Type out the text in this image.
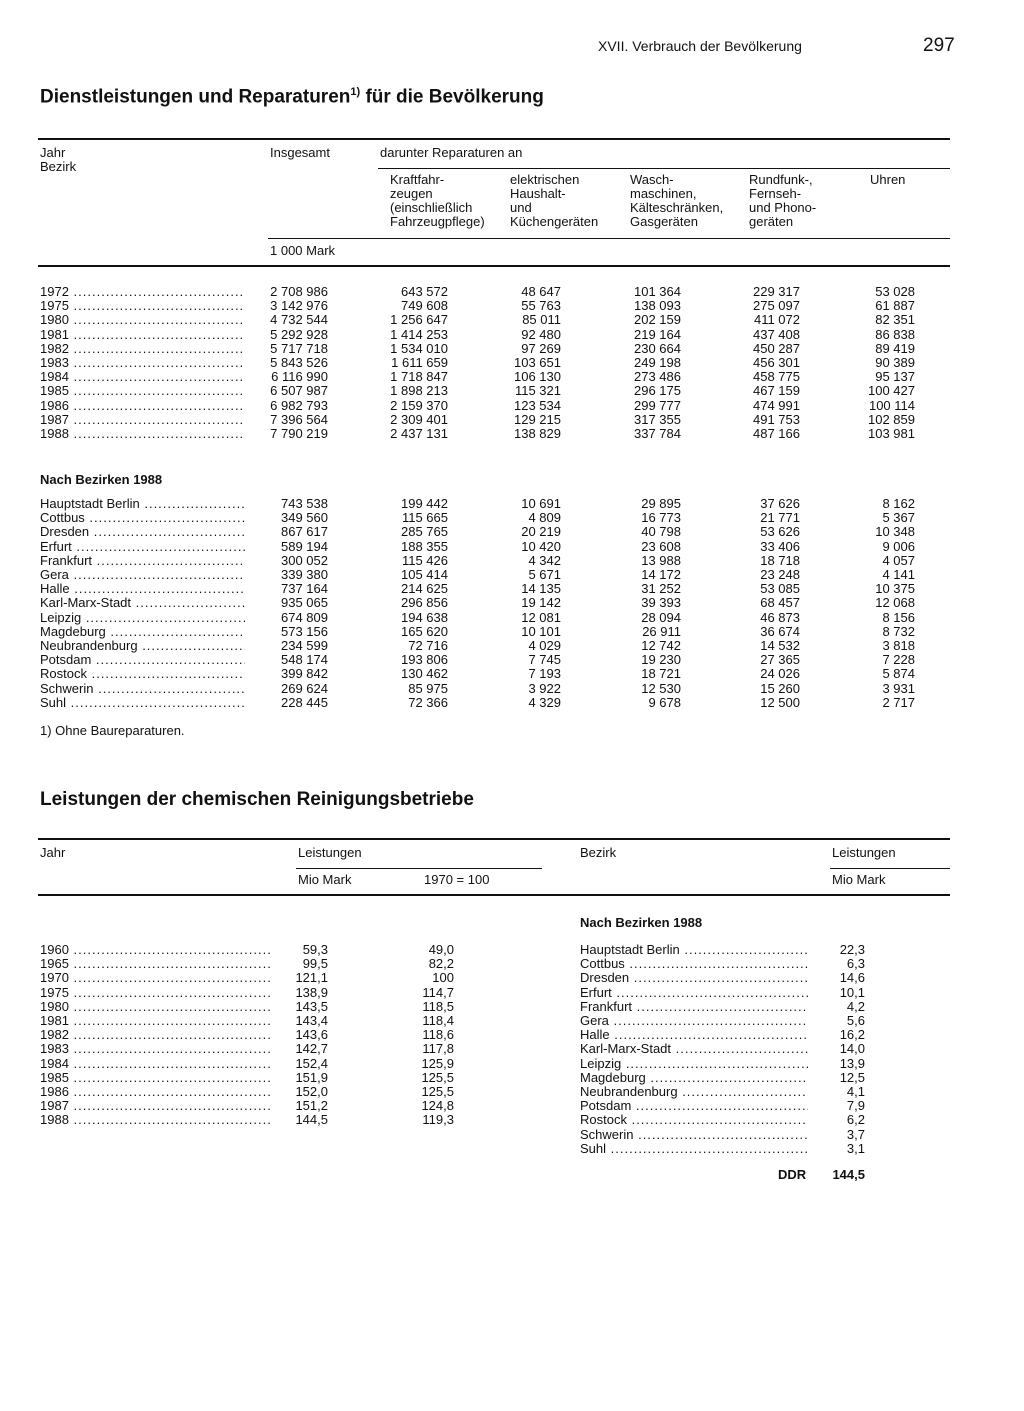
XVII. Verbrauch der Bevölkerung	297
Dienstleistungen und Reparaturen$^{1)}$ für die Bevölkerung
Jahr
Bezirk
Insgesamt	darunter Reparaturen an
Kraftfahr-
zeugen
(einschließlich
Fahrzeugpflege)
elektrischen
Haushalt-
und
Küchengeräten
Wasch-
maschinen,
Kälteschränken,
Gasgeräten
Rundfunk-,
Fernseh-
und Phono-
geräten
Uhren
1 000 Mark
1972 .....	2 708 986	643 572	48 647	101 364	229 317	53 028
1975 .....	3 142 976	749 608	55 763	138 093	275 097	61 887
1980 .....	4 732 544	1 256 647	85 011	202 159	411 072	82 351
1981 .....	5 292 928	1 414 253	92 480	219 164	437 408	86 838
1982 .....	5 717 718	1 534 010	97 269	230 664	450 287	89 419
1983 .....	5 843 526	1 611 659	103 651	249 198	456 301	90 389
1984 .....	6 116 990	1 718 847	106 130	273 486	458 775	95 137
1985 .....	6 507 987	1 898 213	115 321	296 175	467 159	100 427
1986 .....	6 982 793	2 159 370	123 534	299 777	474 991	100 114
1987 .....	7 396 564	2 309 401	129 215	317 355	491 753	102 859
1988 .....	7 790 219	2 437 131	138 829	337 784	487 166	103 981
Nach Bezirken 1988
Hauptstadt Berlin .....	743 538	199 442	10 691	29 895	37 626	8 162
Cottbus .....	349 560	115 665	4 809	16 773	21 771	5 367
Dresden .....	867 617	285 765	20 219	40 798	53 626	10 348
Erfurt .....	589 194	188 355	10 420	23 608	33 406	9 006
Frankfurt .....	300 052	115 426	4 342	13 988	18 718	4 057
Gera .....	339 380	105 414	5 671	14 172	23 248	4 141
Halle .....	737 164	214 625	14 135	31 252	53 085	10 375
Karl-Marx-Stadt .....	935 065	296 856	19 142	39 393	68 457	12 068
Leipzig .....	674 809	194 638	12 081	28 094	46 873	8 156
Magdeburg .....	573 156	165 620	10 101	26 911	36 674	8 732
Neubrandenburg .....	234 599	72 716	4 029	12 742	14 532	3 818
Potsdam .....	548 174	193 806	7 745	19 230	27 365	7 228
Rostock .....	399 842	130 462	7 193	18 721	24 026	5 874
Schwerin .....	269 624	85 975	3 922	12 530	15 260	3 931
Suhl .....	228 445	72 366	4 329	9 678	12 500	2 717
1) Ohne Baureparaturen.
Leistungen der chemischen Reinigungsbetriebe
Jahr	Leistungen
Mio Mark	1970 = 100
Bezirk	Leistungen
Mio Mark
Nach Bezirken 1988
1960 .....	59,3	49,0
1965 .....	99,5	82,2
1970 .....	121,1	100
1975 .....	138,9	114,7
1980 .....	143,5	118,5
1981 .....	143,4	118,4
1982 .....	143,6	118,6
1983 .....	142,7	117,8
1984 .....	152,4	125,9
1985 .....	151,9	125,5
1986 .....	152,0	125,5
1987 .....	151,2	124,8
1988 .....	144,5	119,3
Hauptstadt Berlin .....	22,3
Cottbus .....	6,3
Dresden .....	14,6
Erfurt .....	10,1
Frankfurt .....	4,2
Gera .....	5,6
Halle .....	16,2
Karl-Marx-Stadt .....	14,0
Leipzig .....	13,9
Magdeburg .....	12,5
Neubrandenburg .....	4,1
Potsdam .....	7,9
Rostock .....	6,2
Schwerin .....	3,7
Suhl .....	3,1
DDR	144,5
